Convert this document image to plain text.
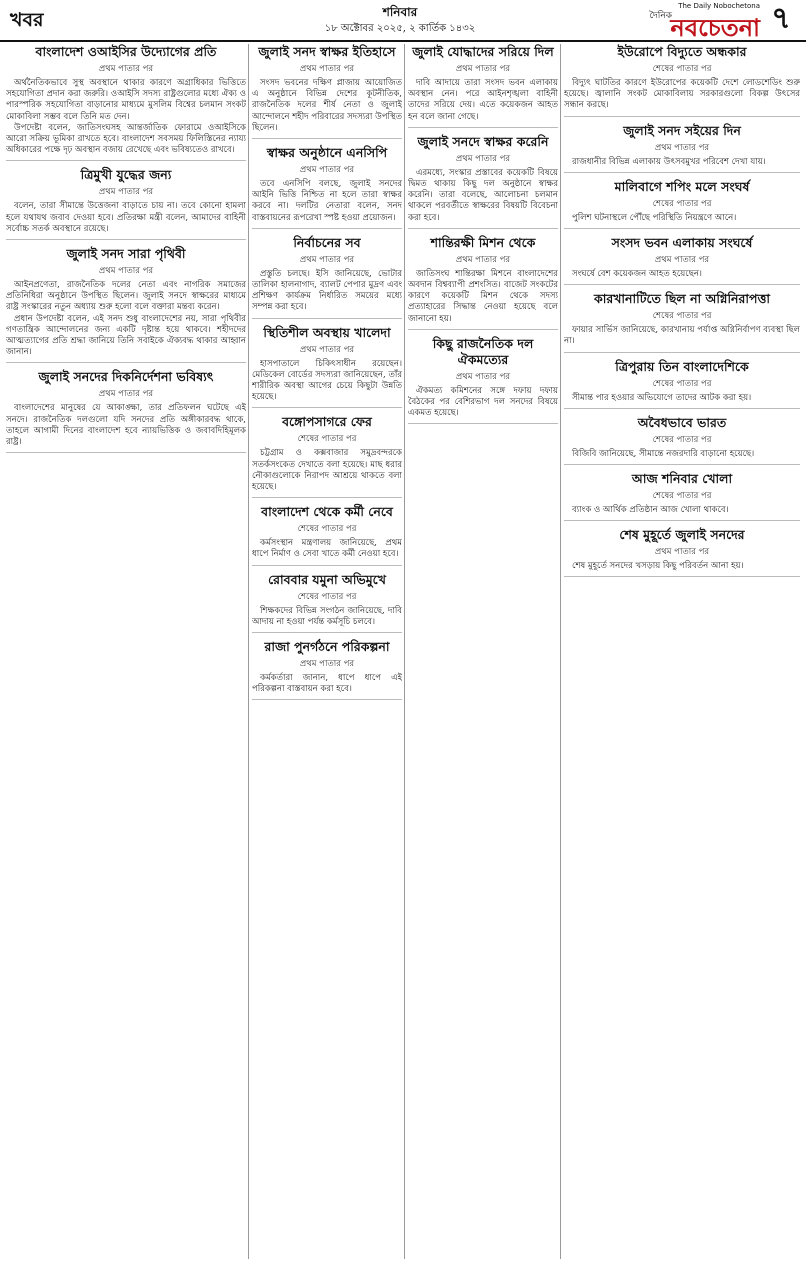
খবর	শনিবার
১৮ অক্টোবর ২০২৫, ২ কার্তিক ১৪৩২
The Daily Nobochetona
দৈনিক
নবচেতনা ৭
বাংলাদেশ ওআইসির উদ্যোগের প্রতি
প্রথম পাতার পর

অর্থনৈতিকভাবে সুস্থ অবস্থানে থাকার কারণে অগ্রাধিকার ভিত্তিতে সহযোগিতা প্রদান করা জরুরি। ওআইসি সদস্য রাষ্ট্রগুলোর মধ্যে ঐক্য ও পারস্পরিক সহযোগিতা বাড়ানোর মাধ্যমে মুসলিম বিশ্বের চলমান সংকট মোকাবিলা সম্ভব বলে তিনি মত দেন।

উপদেষ্টা বলেন, জাতিসংঘসহ আন্তর্জাতিক ফোরামে ওআইসিকে আরো সক্রিয় ভূমিকা রাখতে হবে। বাংলাদেশ সবসময় ফিলিস্তিনের ন্যায্য অধিকারের পক্ষে দৃঢ় অবস্থান বজায় রেখেছে এবং ভবিষ্যতেও রাখবে।

ত্রিমুখী যুদ্ধের জন্য
প্রথম পাতার পর

বলেন, তারা সীমান্তে উত্তেজনা বাড়াতে চায় না। তবে কোনো হামলা হলে যথাযথ জবাব দেওয়া হবে। প্রতিরক্ষা মন্ত্রী বলেন, আমাদের বাহিনী সর্বোচ্চ সতর্ক অবস্থানে রয়েছে।

জুলাই সনদ সারা পৃথিবী
প্রথম পাতার পর

আইনপ্রণেতা, রাজনৈতিক দলের নেতা এবং নাগরিক সমাজের প্রতিনিধিরা অনুষ্ঠানে উপস্থিত ছিলেন। জুলাই সনদে স্বাক্ষরের মাধ্যমে রাষ্ট্র সংস্কারের নতুন অধ্যায় শুরু হলো বলে বক্তারা মন্তব্য করেন।

প্রধান উপদেষ্টা বলেন, এই সনদ শুধু বাংলাদেশের নয়, সারা পৃথিবীর গণতান্ত্রিক আন্দোলনের জন্য একটি দৃষ্টান্ত হয়ে থাকবে। শহীদদের আত্মত্যাগের প্রতি শ্রদ্ধা জানিয়ে তিনি সবাইকে ঐক্যবদ্ধ থাকার আহ্বান জানান।

জুলাই সনদের দিকনির্দেশনা ভবিষ্যৎ
প্রথম পাতার পর

বাংলাদেশের মানুষের যে আকাঙ্ক্ষা, তার প্রতিফলন ঘটেছে এই সনদে। রাজনৈতিক দলগুলো যদি সনদের প্রতি অঙ্গীকারবদ্ধ থাকে, তাহলে আগামী দিনের বাংলাদেশ হবে ন্যায়ভিত্তিক ও জবাবদিহিমূলক রাষ্ট্র।

জুলাই সনদ স্বাক্ষর ইতিহাসে
প্রথম পাতার পর

সংসদ ভবনের দক্ষিণ প্লাজায় আয়োজিত এ অনুষ্ঠানে বিভিন্ন দেশের কূটনীতিক, রাজনৈতিক দলের শীর্ষ নেতা ও জুলাই আন্দোলনে শহীদ পরিবারের সদস্যরা উপস্থিত ছিলেন।

স্বাক্ষর অনুষ্ঠানে এনসিপি
প্রথম পাতার পর

তবে এনসিপি বলছে, জুলাই সনদের আইনি ভিত্তি নিশ্চিত না হলে তারা স্বাক্ষর করবে না। দলটির নেতারা বলেন, সনদ বাস্তবায়নের রূপরেখা স্পষ্ট হওয়া প্রয়োজন।

নির্বাচনের সব
প্রথম পাতার পর

প্রস্তুতি চলছে। ইসি জানিয়েছে, ভোটার তালিকা হালনাগাদ, ব্যালট পেপার মুদ্রণ এবং প্রশিক্ষণ কার্যক্রম নির্ধারিত সময়ের মধ্যে সম্পন্ন করা হবে।

স্থিতিশীল অবস্থায় খালেদা
প্রথম পাতার পর

হাসপাতালে চিকিৎসাধীন রয়েছেন। মেডিকেল বোর্ডের সদস্যরা জানিয়েছেন, তাঁর শারীরিক অবস্থা আগের চেয়ে কিছুটা উন্নতি হয়েছে।

বঙ্গোপসাগরে ফের
শেষের পাতার পর

চট্টগ্রাম ও কক্সবাজার সমুদ্রবন্দরকে সতর্কসংকেত দেখাতে বলা হয়েছে। মাছ ধরার নৌকাগুলোকে নিরাপদ আশ্রয়ে থাকতে বলা হয়েছে।

বাংলাদেশ থেকে কর্মী নেবে
শেষের পাতার পর

কর্মসংস্থান মন্ত্রণালয় জানিয়েছে, প্রথম ধাপে নির্মাণ ও সেবা খাতে কর্মী নেওয়া হবে।

রোববার যমুনা অভিমুখে
শেষের পাতার পর

শিক্ষকদের বিভিন্ন সংগঠন জানিয়েছে, দাবি আদায় না হওয়া পর্যন্ত কর্মসূচি চলবে।

রাজা পুনর্গঠনে পরিকল্পনা
প্রথম পাতার পর

কর্মকর্তারা জানান, ধাপে ধাপে এই পরিকল্পনা বাস্তবায়ন করা হবে।

জুলাই যোদ্ধাদের সরিয়ে দিল
প্রথম পাতার পর

দাবি আদায়ে তারা সংসদ ভবন এলাকায় অবস্থান নেন। পরে আইনশৃঙ্খলা বাহিনী তাদের সরিয়ে দেয়। এতে কয়েকজন আহত হন বলে জানা গেছে।

জুলাই সনদে স্বাক্ষর করেনি
প্রথম পাতার পর

এরমধ্যে, সংস্কার প্রস্তাবের কয়েকটি বিষয়ে দ্বিমত থাকায় কিছু দল অনুষ্ঠানে স্বাক্ষর করেনি। তারা বলেছে, আলোচনা চলমান থাকলে পরবর্তীতে স্বাক্ষরের বিষয়টি বিবেচনা করা হবে।

শান্তিরক্ষী মিশন থেকে
প্রথম পাতার পর

জাতিসংঘ শান্তিরক্ষা মিশনে বাংলাদেশের অবদান বিশ্বব্যাপী প্রশংসিত। বাজেট সংকটের কারণে কয়েকটি মিশন থেকে সদস্য প্রত্যাহারের সিদ্ধান্ত নেওয়া হয়েছে বলে জানানো হয়।

কিছু রাজনৈতিক দল ঐকমত্যের
প্রথম পাতার পর

ঐকমত্য কমিশনের সঙ্গে দফায় দফায় বৈঠকের পর বেশিরভাগ দল সনদের বিষয়ে একমত হয়েছে।

ইউরোপে বিদ্যুতে অন্ধকার
শেষের পাতার পর

বিদ্যুৎ ঘাটতির কারণে ইউরোপের কয়েকটি দেশে লোডশেডিং শুরু হয়েছে। জ্বালানি সংকট মোকাবিলায় সরকারগুলো বিকল্প উৎসের সন্ধান করছে।

জুলাই সনদ সইয়ের দিন
প্রথম পাতার পর

রাজধানীর বিভিন্ন এলাকায় উৎসবমুখর পরিবেশ দেখা যায়।

মালিবাগে শপিং মলে সংঘর্ষ
শেষের পাতার পর

পুলিশ ঘটনাস্থলে পৌঁছে পরিস্থিতি নিয়ন্ত্রণে আনে।

সংসদ ভবন এলাকায় সংঘর্ষে
প্রথম পাতার পর

সংঘর্ষে বেশ কয়েকজন আহত হয়েছেন।

কারখানাটিতে ছিল না অগ্নিনিরাপত্তা
শেষের পাতার পর

ফায়ার সার্ভিস জানিয়েছে, কারখানায় পর্যাপ্ত অগ্নিনির্বাপণ ব্যবস্থা ছিল না।

ত্রিপুরায় তিন বাংলাদেশিকে
শেষের পাতার পর

সীমান্ত পার হওয়ার অভিযোগে তাদের আটক করা হয়।

অবৈধভাবে ভারত
শেষের পাতার পর

বিজিবি জানিয়েছে, সীমান্তে নজরদারি বাড়ানো হয়েছে।

আজ শনিবার খোলা
শেষের পাতার পর

ব্যাংক ও আর্থিক প্রতিষ্ঠান আজ খোলা থাকবে।

শেষ মুহূর্তে জুলাই সনদের
প্রথম পাতার পর

শেষ মুহূর্তে সনদের খসড়ায় কিছু পরিবর্তন আনা হয়।
